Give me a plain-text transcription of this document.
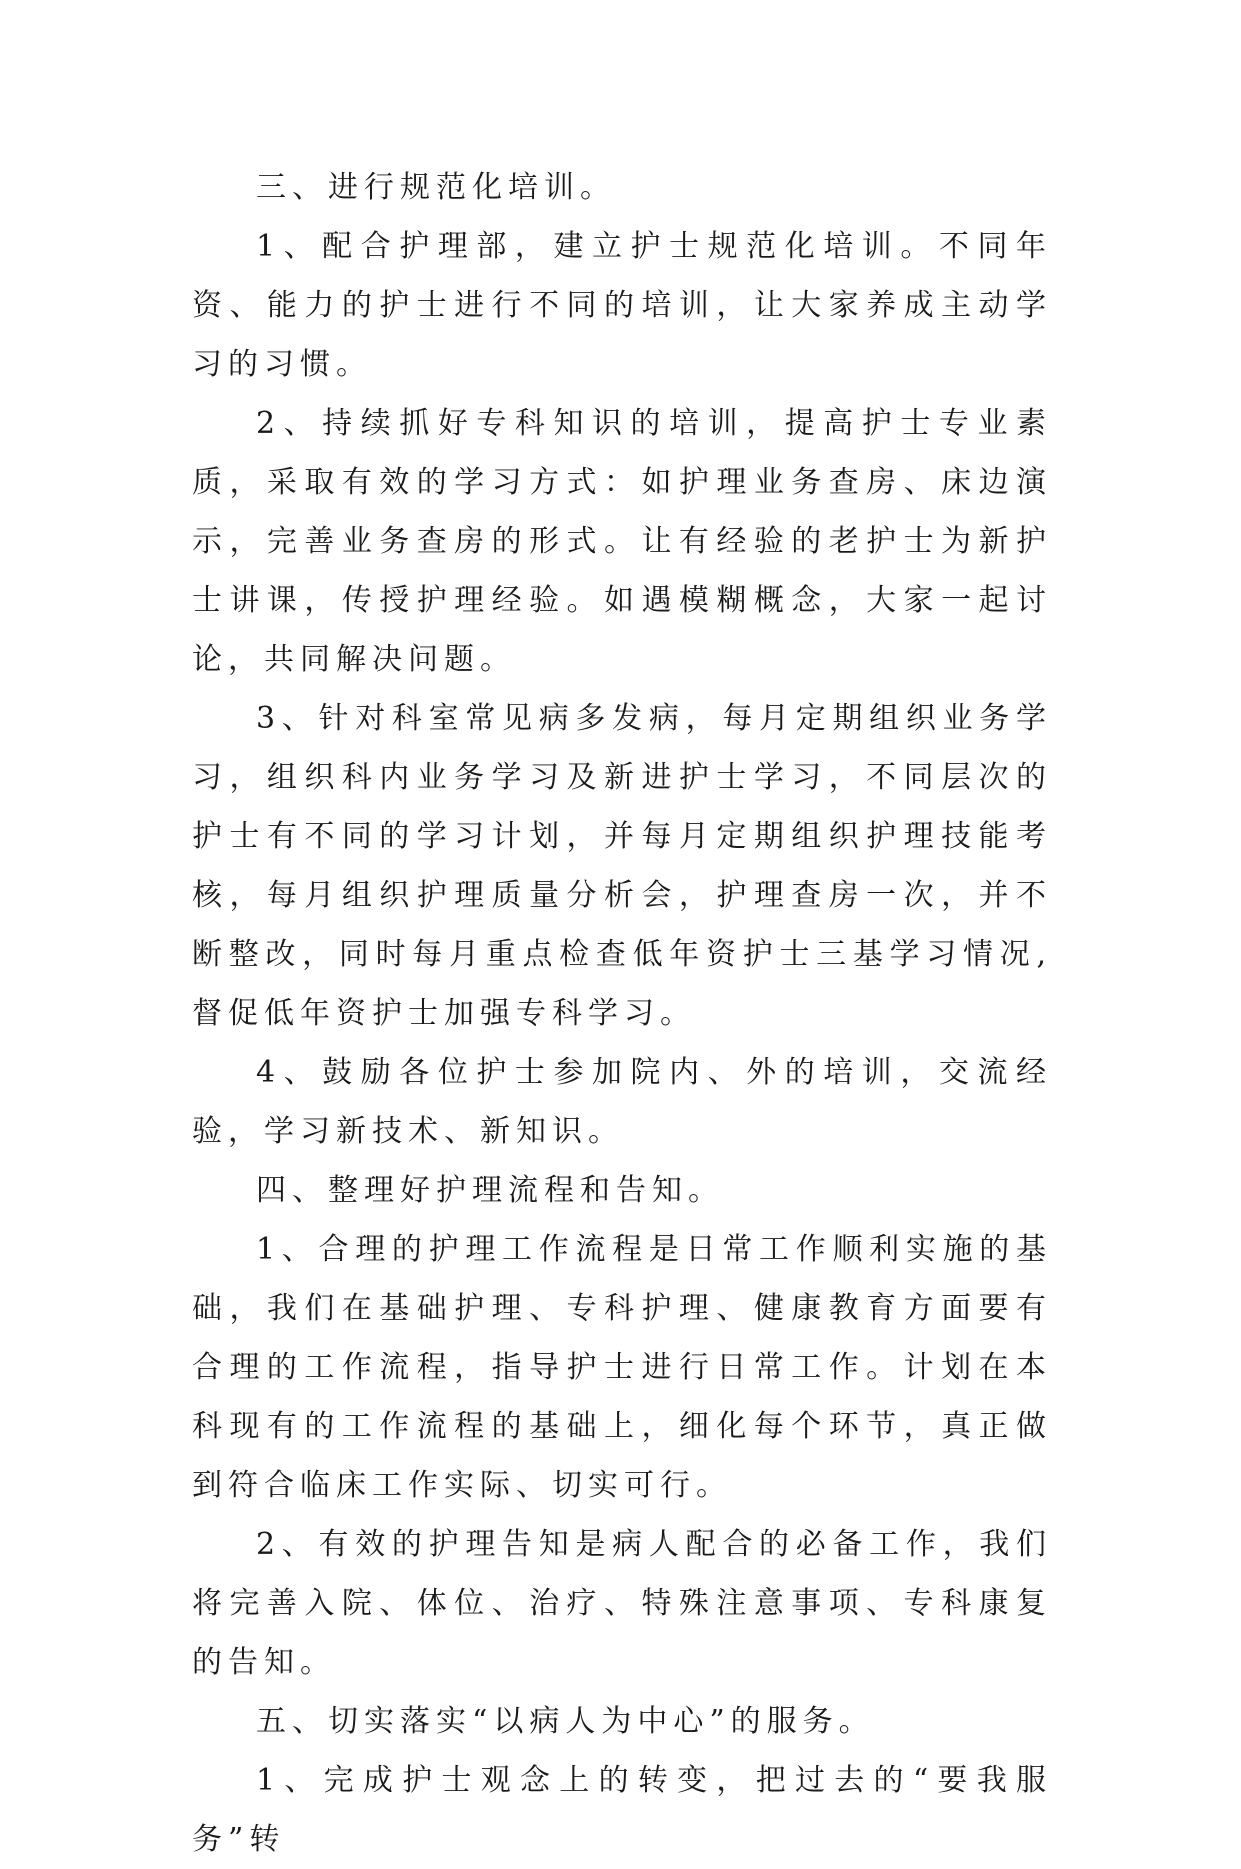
三、进行规范化培训。

1、配合护理部，建立护士规范化培训。不同年资、能力的护士进行不同的培训，让大家养成主动学习的习惯。

2、持续抓好专科知识的培训，提高护士专业素质，采取有效的学习方式：如护理业务查房、床边演示，完善业务查房的形式。让有经验的老护士为新护士讲课，传授护理经验。如遇模糊概念，大家一起讨论，共同解决问题。

3、针对科室常见病多发病，每月定期组织业务学习，组织科内业务学习及新进护士学习，不同层次的护士有不同的学习计划，并每月定期组织护理技能考核，每月组织护理质量分析会，护理查房一次，并不断整改，同时每月重点检查低年资护士三基学习情况,督促低年资护士加强专科学习。

4、鼓励各位护士参加院内、外的培训，交流经验，学习新技术、新知识。

四、整理好护理流程和告知。

1、合理的护理工作流程是日常工作顺利实施的基础，我们在基础护理、专科护理、健康教育方面要有合理的工作流程，指导护士进行日常工作。计划在本科现有的工作流程的基础上，细化每个环节，真正做到符合临床工作实际、切实可行。

2、有效的护理告知是病人配合的必备工作，我们将完善入院、体位、治疗、特殊注意事项、专科康复的告知。

五、切实落实“以病人为中心”的服务。

1、完成护士观念上的转变，把过去的“要我服务”转
